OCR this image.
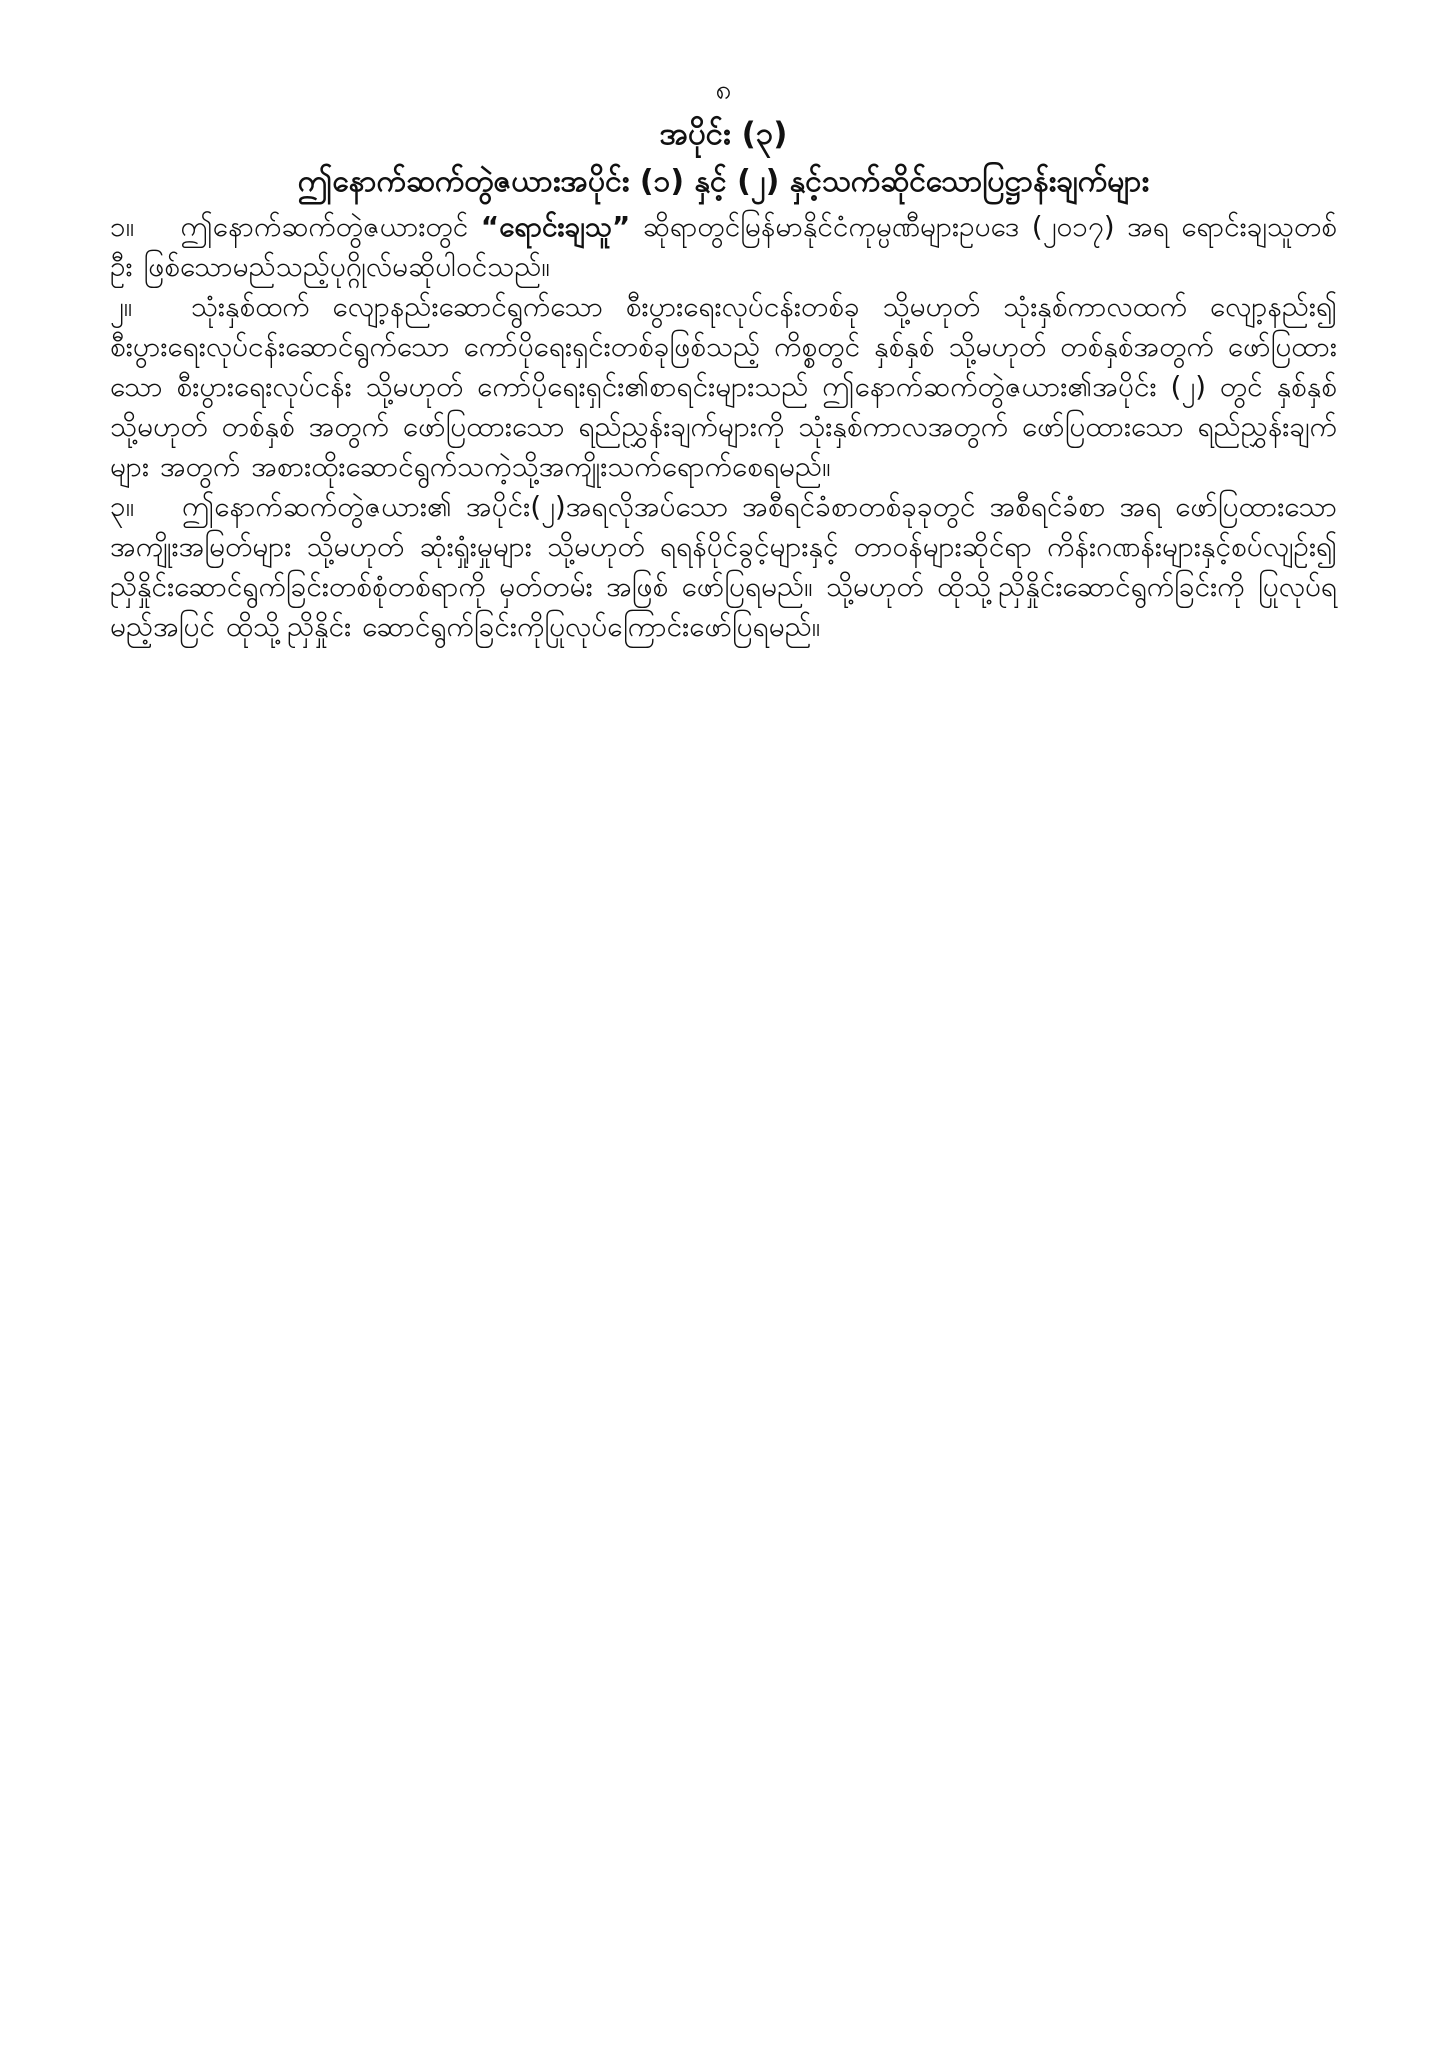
၈
အပိုင်း (၃)
ဤနောက်ဆက်တွဲဇယားအပိုင်း (၁) နှင့် (၂) နှင့်သက်ဆိုင်သောပြဋ္ဌာန်းချက်များ

၁။ ဤနောက်ဆက်တွဲဇယားတွင် “ရောင်းချသူ” ဆိုရာတွင်မြန်မာနိုင်ငံကုမ္ပဏီများဥပဒေ (၂၀၁၇) အရ ရောင်းချသူတစ်ဦး ဖြစ်သောမည်သည့်ပုဂ္ဂိုလ်မဆိုပါဝင်သည်။

၂။ သုံးနှစ်ထက် လျော့နည်းဆောင်ရွက်သော စီးပွားရေးလုပ်ငန်းတစ်ခု သို့မဟုတ် သုံးနှစ်ကာလထက် လျော့နည်း၍ စီးပွားရေးလုပ်ငန်းဆောင်ရွက်သော ကော်ပိုရေးရှင်းတစ်ခုဖြစ်သည့် ကိစ္စတွင် နှစ်နှစ် သို့မဟုတ် တစ်နှစ်အတွက် ဖော်ပြထားသော စီးပွားရေးလုပ်ငန်း သို့မဟုတ် ကော်ပိုရေးရှင်း၏စာရင်းများသည် ဤနောက်ဆက်တွဲဇယား၏အပိုင်း (၂) တွင် နှစ်နှစ် သို့မဟုတ် တစ်နှစ် အတွက် ဖော်ပြထားသော ရည်ညွှန်းချက်များကို သုံးနှစ်ကာလအတွက် ဖော်ပြထားသော ရည်ညွှန်းချက်များ အတွက် အစားထိုးဆောင်ရွက်သကဲ့သို့အကျိုးသက်ရောက်စေရမည်။

၃။ ဤနောက်ဆက်တွဲဇယား၏ အပိုင်း(၂)အရလိုအပ်သော အစီရင်ခံစာတစ်ခုခုတွင် အစီရင်ခံစာ အရ ဖော်ပြထားသော အကျိုးအမြတ်များ သို့မဟုတ် ဆုံးရှုံးမှုများ သို့မဟုတ် ရရန်ပိုင်ခွင့်များနှင့် တာဝန်များဆိုင်ရာ ကိန်းဂဏန်းများနှင့်စပ်လျဉ်း၍ ညှိနှိုင်းဆောင်ရွက်ခြင်းတစ်စုံတစ်ရာကို မှတ်တမ်း အဖြစ် ဖော်ပြရမည်။ သို့မဟုတ် ထိုသို့ညှိနှိုင်းဆောင်ရွက်ခြင်းကို ပြုလုပ်ရမည့်အပြင် ထိုသို့ညှိနှိုင်း ဆောင်ရွက်ခြင်းကိုပြုလုပ်ကြောင်းဖော်ပြရမည်။
